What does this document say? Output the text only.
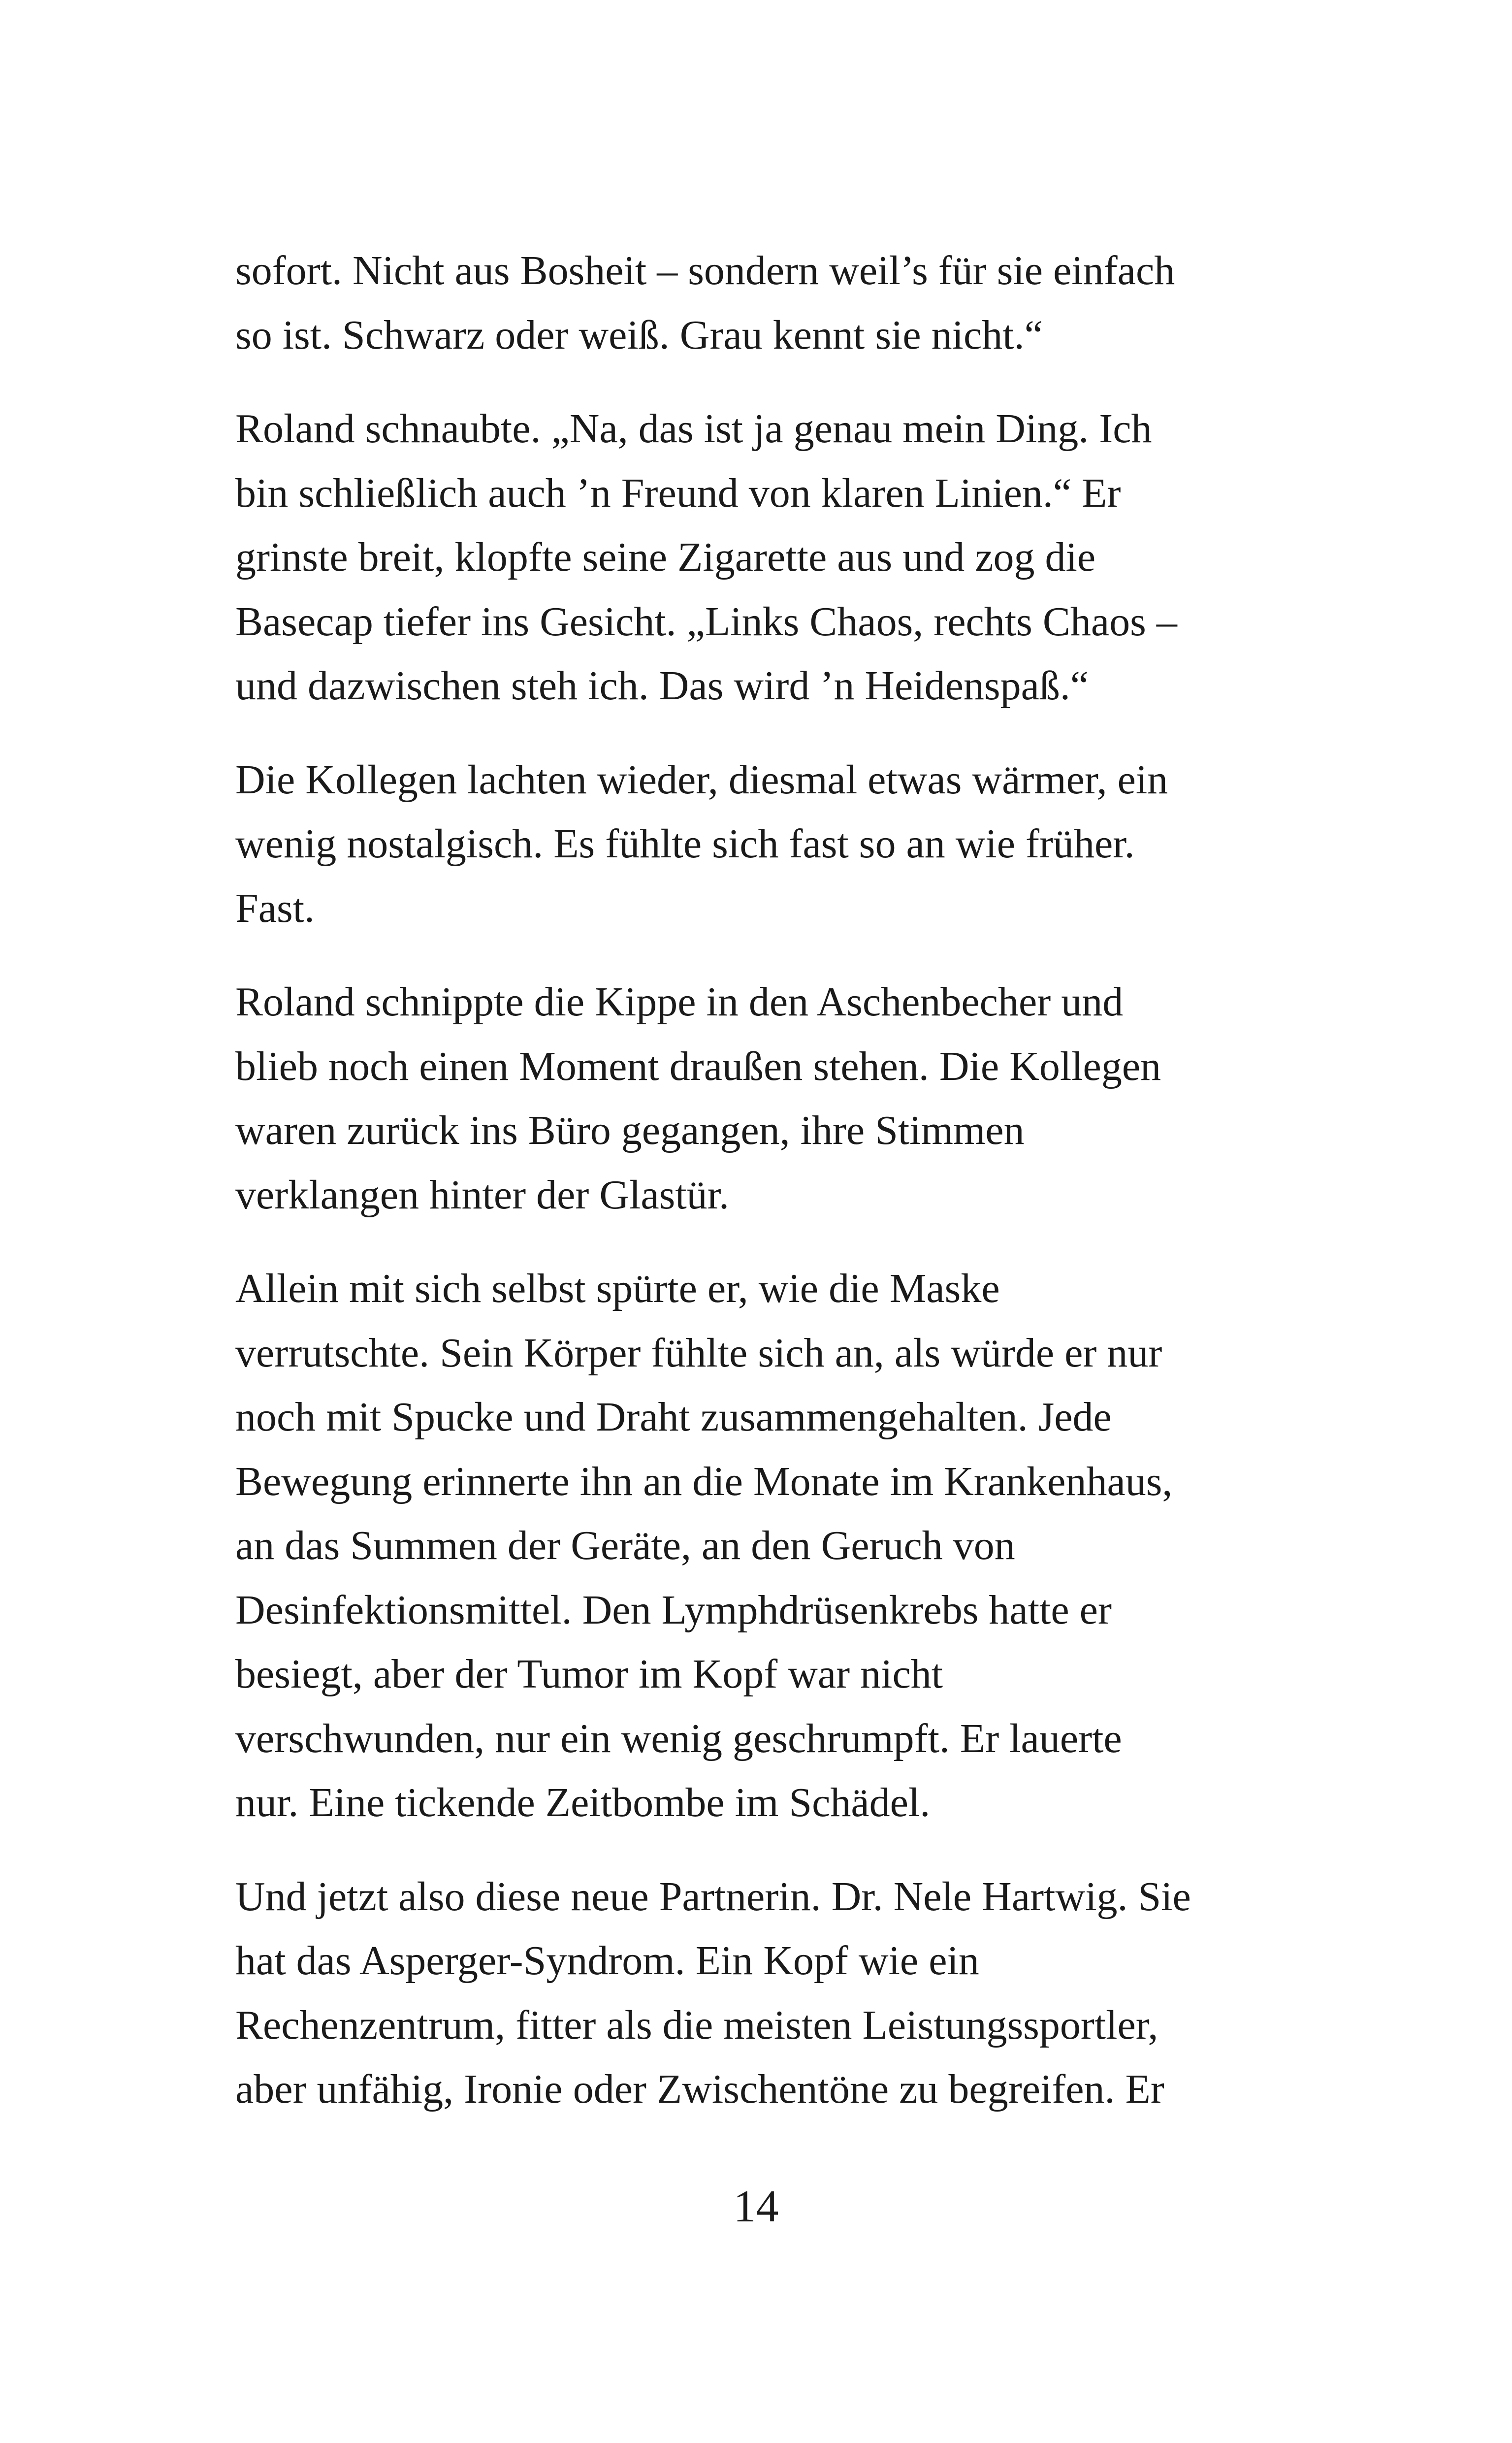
sofort. Nicht aus Bosheit – sondern weil’s für sie einfach
so ist. Schwarz oder weiß. Grau kennt sie nicht.“
Roland schnaubte. „Na, das ist ja genau mein Ding. Ich
bin schließlich auch ’n Freund von klaren Linien.“ Er
grinste breit, klopfte seine Zigarette aus und zog die
Basecap tiefer ins Gesicht. „Links Chaos, rechts Chaos –
und dazwischen steh ich. Das wird ’n Heidenspaß.“
Die Kollegen lachten wieder, diesmal etwas wärmer, ein
wenig nostalgisch. Es fühlte sich fast so an wie früher.
Fast.
Roland schnippte die Kippe in den Aschenbecher und
blieb noch einen Moment draußen stehen. Die Kollegen
waren zurück ins Büro gegangen, ihre Stimmen
verklangen hinter der Glastür.
Allein mit sich selbst spürte er, wie die Maske
verrutschte. Sein Körper fühlte sich an, als würde er nur
noch mit Spucke und Draht zusammengehalten. Jede
Bewegung erinnerte ihn an die Monate im Krankenhaus,
an das Summen der Geräte, an den Geruch von
Desinfektionsmittel. Den Lymphdrüsenkrebs hatte er
besiegt, aber der Tumor im Kopf war nicht
verschwunden, nur ein wenig geschrumpft. Er lauerte
nur. Eine tickende Zeitbombe im Schädel.
Und jetzt also diese neue Partnerin. Dr. Nele Hartwig. Sie
hat das Asperger-Syndrom. Ein Kopf wie ein
Rechenzentrum, fitter als die meisten Leistungssportler,
aber unfähig, Ironie oder Zwischentöne zu begreifen. Er
14
